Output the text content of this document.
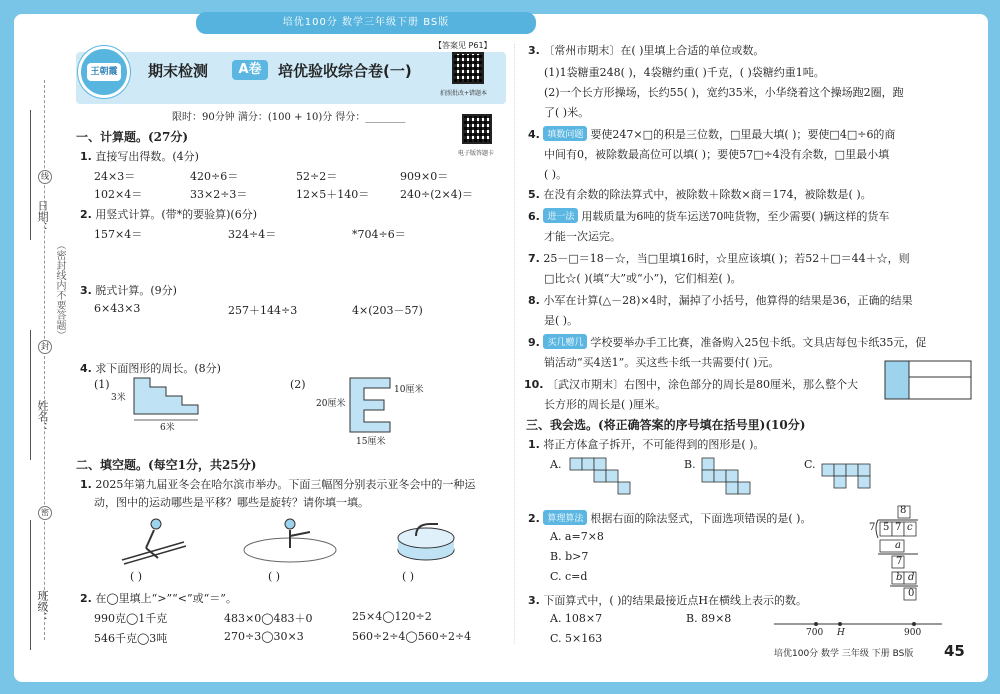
培优100分 数学三年级下册 BS版
日期：
姓名：
班级：
线
封
密
（密封线内不要答题）
王朝霞 期末检测	A卷	培优验收综合卷(一)
【答案见 P61】
拍照批改+错题本
电子版答题卡
限时：90分钟 满分：(100 + 10)分 得分：________
一、计算题。(27分)
1. 直接写出得数。(4分)
24×3＝	420÷6＝	52÷2＝	909×0＝
102×4＝	33×2÷3＝	12×5＋140＝	240÷(2×4)＝
2. 用竖式计算。(带*的要验算)(6分)
157×4＝	324÷4＝	*704÷6＝
3. 脱式计算。(9分)
6×43×3	257＋144÷3	4×(203－57)
4. 求下面图形的周长。(8分)
(1)
3米
6米
(2)	10厘米
20厘米
15厘米
二、填空题。(每空1分，共25分)
1. 2025年第九届亚冬会在哈尔滨市举办。下面三幅图分别表示亚冬会中的一种运
动，图中的运动哪些是平移？哪些是旋转？请你填一填。
( )	( )	( )
2. 在◯里填上“>”“<”或“＝”。
990克◯1千克	483×0◯483＋0	25×4◯120÷2
546千克◯3吨	270÷3◯30×3	560÷2÷4◯560÷2÷4
3. 〔常州市期末〕在( )里填上合适的单位或数。
(1)1袋糖重248( )，4袋糖约重( )千克，( )袋糖约重1吨。
(2)一个长方形操场，长约55( )，宽约35米，小华绕着这个操场跑2圈，跑
了( )米。
4. 填数问题 要使247×□的积是三位数，□里最大填( )；要使□4□÷6的商
中间有0，被除数最高位可以填( )；要使57□÷4没有余数，□里最小填
( )。
5. 在没有余数的除法算式中，被除数＋除数×商＝174，被除数是( )。
6. 进一法 用载质量为6吨的货车运送70吨货物，至少需要( )辆这样的货车
才能一次运完。
7. 25－□＝18－☆，当□里填16时，☆里应该填( )；若52＋□＝44＋☆，则
□比☆( )(填“大”或“小”)，它们相差( )。
8. 小军在计算(△－28)×4时，漏掉了小括号，他算得的结果是36，正确的结果
是( )。
9. 买几赠几 学校要举办手工比赛，准备购入25包卡纸。文具店每包卡纸35元，促
销活动“买4送1”。买这些卡纸一共需要付( )元。
10. 〔武汉市期末〕右图中，涂色部分的周长是80厘米，那么整个大
长方形的周长是( )厘米。
三、我会选。(将正确答案的序号填在括号里)(10分)
1. 将正方体盒子拆开，不可能得到的图形是( )。
A.	B.	C.
2. 算理算法 根据右面的除法竖式，下面选项错误的是( )。
A. a=7×8
B. b>7
C. c=d
8
7 5 7 c
a
7
b d
0
3. 下面算式中，( )的结果最接近点H在横线上表示的数。
A. 108×7	B. 89×8
C. 5×163	700 H	900
培优100分 数学 三年级 下册 BS版 45
